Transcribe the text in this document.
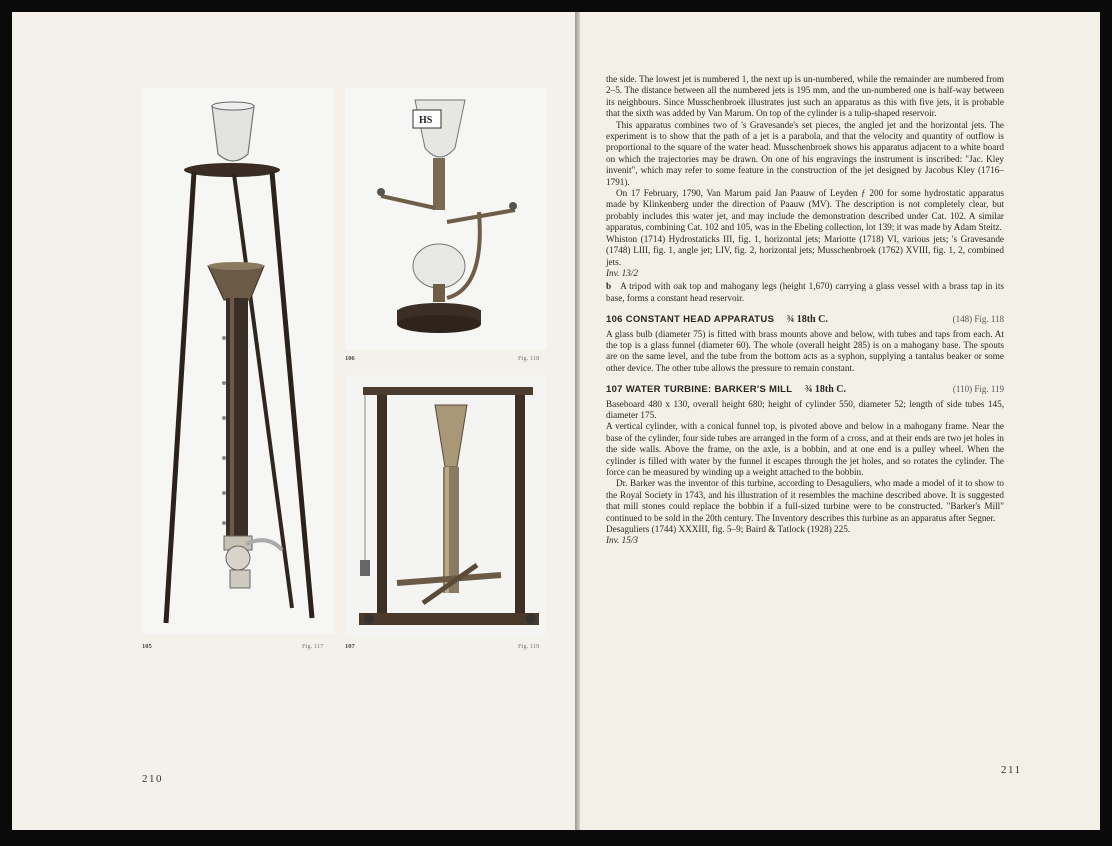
105	Fig. 117
HS
106	Fig. 118
107	Fig. 119
210
211

the side. The lowest jet is numbered 1, the next up is un-numbered, while the remainder are numbered from 2–5. The distance between all the numbered jets is 195 mm, and the un-numbered one is half-way between its neighbours. Since Musschenbroek illustrates just such an apparatus as this with five jets, it is probable that the sixth was added by Van Marum. On top of the cylinder is a tulip-shaped reservoir.

This apparatus combines two of 's Gravesande's set pieces, the angled jet and the horizontal jets. The experiment is to show that the path of a jet is a parabola, and that the velocity and quantity of outflow is proportional to the square of the water head. Musschenbroek shows his apparatus adjacent to a white board on which the trajectories may be drawn. On one of his engravings the instrument is inscribed: "Jac. Kley invenit", which may refer to some feature in the construction of the jet designed by Jacobus Kley (1716–1791).

On 17 February, 1790, Van Marum paid Jan Paauw of Leyden ƒ 200 for some hydrostatic apparatus made by Klinkenberg under the direction of Paauw (MV). The description is not completely clear, but probably includes this water jet, and may include the demonstration described under Cat. 102. A similar apparatus, combining Cat. 102 and 105, was in the Ebeling collection, lot 139; it was made by Adam Steitz.

Whiston (1714) Hydrostaticks III, fig. 1, horizontal jets; Mariotte (1718) VI, various jets; 's Gravesande (1748) LIII, fig. 1, angle jet; LIV, fig. 2, horizontal jets; Musschenbroek (1762) XVIII, fig. 1, 2, combined jets.

Inv. 13/2

b A tripod with oak top and mahogany legs (height 1,670) carrying a glass vessel with a brass tap in its base, forms a constant head reservoir.

106 CONSTANT HEAD APPARATUS ¾ 18th C.	(148) Fig. 118

A glass bulb (diameter 75) is fitted with brass mounts above and below, with tubes and taps from each. At the top is a glass funnel (diameter 60). The whole (overall height 285) is on a mahogany base. The spouts are on the same level, and the tube from the bottom acts as a syphon, supplying a tantalus beaker or some other device. The other tube allows the pressure to remain constant.

107 WATER TURBINE: BARKER'S MILL ¾ 18th C.	(110) Fig. 119

Baseboard 480 x 130, overall height 680; height of cylinder 550, diameter 52; length of side tubes 145, diameter 175.

A vertical cylinder, with a conical funnel top, is pivoted above and below in a mahogany frame. Near the base of the cylinder, four side tubes are arranged in the form of a cross, and at their ends are two jet holes in the side walls. Above the frame, on the axle, is a bobbin, and at one end is a pulley wheel. When the cylinder is filled with water by the funnel it escapes through the jet holes, and so rotates the cylinder. The force can be measured by winding up a weight attached to the bobbin.

Dr. Barker was the inventor of this turbine, according to Desaguliers, who made a model of it to show to the Royal Society in 1743, and his illustration of it resembles the machine described above. It is suggested that mill stones could replace the bobbin if a full-sized turbine were to be constructed. "Barker's Mill" continued to be sold in the 20th century. The Inventory describes this turbine as an apparatus after Segner.

Desaguliers (1744) XXXIII, fig. 5–9; Baird & Tatlock (1928) 225.

Inv. 15/3
